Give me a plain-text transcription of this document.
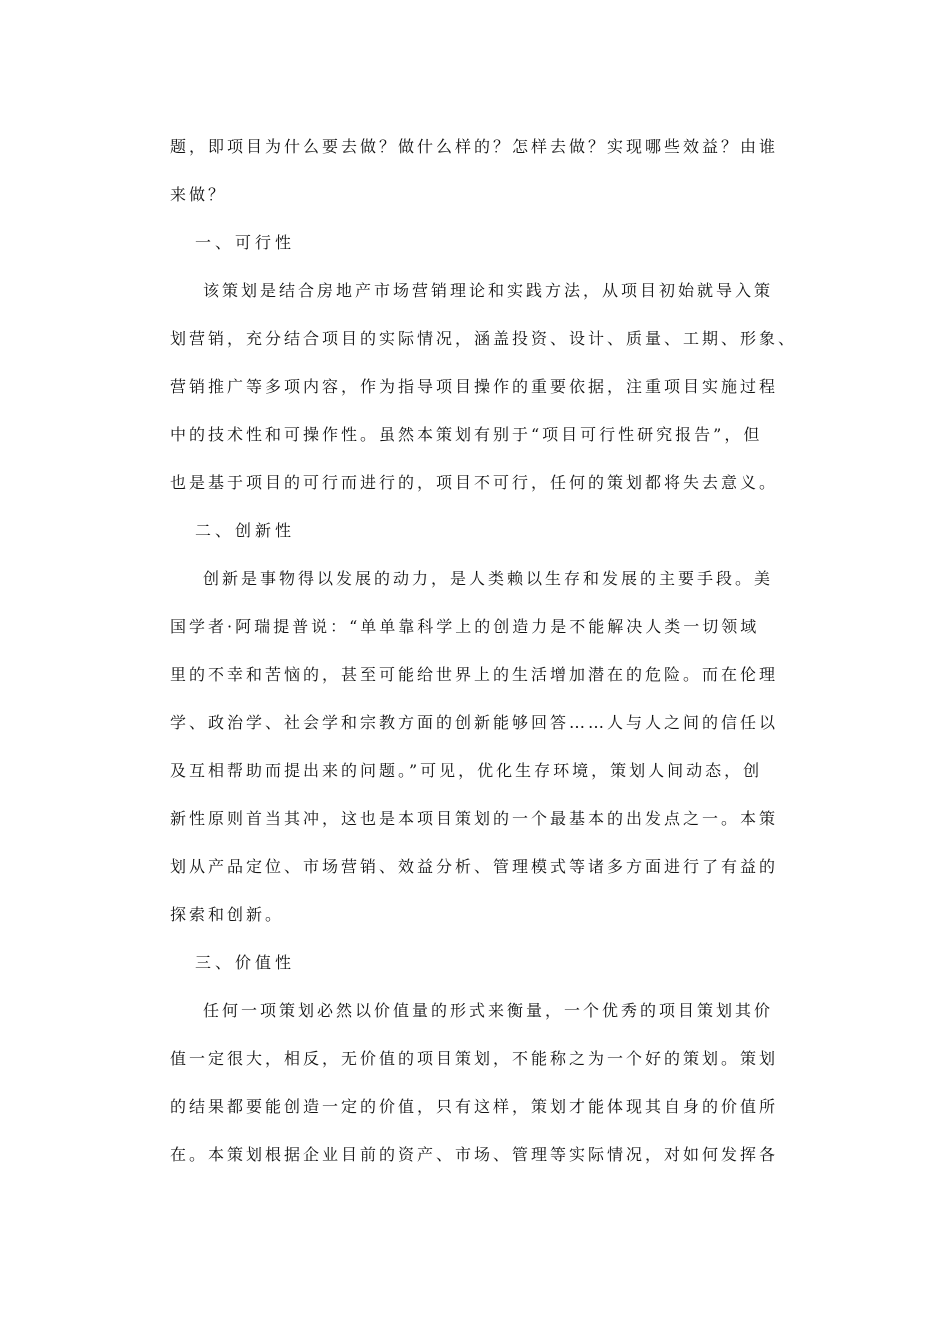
题，即项目为什么要去做？做什么样的？怎样去做？实现哪些效益？由谁
来做？
一、可行性
该策划是结合房地产市场营销理论和实践方法，从项目初始就导入策
划营销，充分结合项目的实际情况，涵盖投资、设计、质量、工期、形象、
营销推广等多项内容，作为指导项目操作的重要依据，注重项目实施过程
中的技术性和可操作性。虽然本策划有别于“项目可行性研究报告”，但
也是基于项目的可行而进行的，项目不可行，任何的策划都将失去意义。
二、创新性
创新是事物得以发展的动力，是人类赖以生存和发展的主要手段。美
国学者·阿瑞提普说：“单单靠科学上的创造力是不能解决人类一切领域
里的不幸和苦恼的，甚至可能给世界上的生活增加潜在的危险。而在伦理
学、政治学、社会学和宗教方面的创新能够回答……人与人之间的信任以
及互相帮助而提出来的问题。”可见，优化生存环境，策划人间动态，创
新性原则首当其冲，这也是本项目策划的一个最基本的出发点之一。本策
划从产品定位、市场营销、效益分析、管理模式等诸多方面进行了有益的
探索和创新。
三、价值性
任何一项策划必然以价值量的形式来衡量，一个优秀的项目策划其价
值一定很大，相反，无价值的项目策划，不能称之为一个好的策划。策划
的结果都要能创造一定的价值，只有这样，策划才能体现其自身的价值所
在。本策划根据企业目前的资产、市场、管理等实际情况，对如何发挥各
